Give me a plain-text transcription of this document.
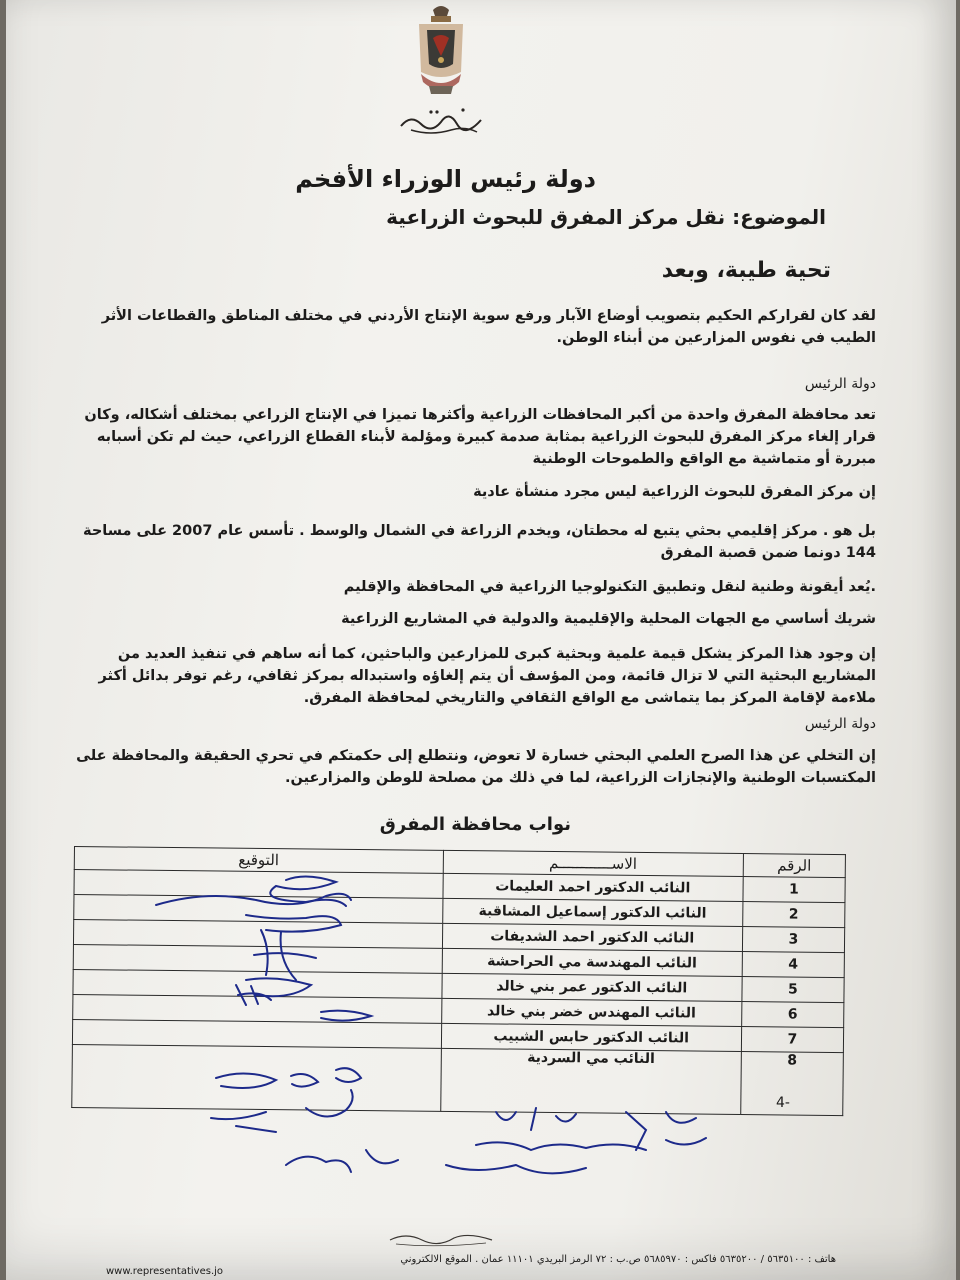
دولة رئيس الوزراء الأفخم
الموضوع: نقل مركز المفرق للبحوث الزراعية
تحية طيبة، وبعد
لقد كان لقراركم الحكيم بتصويب أوضاع الآبار ورفع سوية الإنتاج الأردني في مختلف المناطق والقطاعات الأثر الطيب في نفوس المزارعين من أبناء الوطن.
دولة الرئيس
تعد محافظة المفرق واحدة من أكبر المحافظات الزراعية وأكثرها تميزا في الإنتاج الزراعي بمختلف أشكاله، وكان قرار إلغاء مركز المفرق للبحوث الزراعية بمثابة صدمة كبيرة ومؤلمة لأبناء القطاع الزراعي، حيث لم تكن أسبابه مبررة أو متماشية مع الواقع والطموحات الوطنية
إن مركز المفرق للبحوث الزراعية ليس مجرد منشأة عادية
بل هو . مركز إقليمي بحثي يتبع له محطتان، ويخدم الزراعة في الشمال والوسط . تأسس عام 2007 على مساحة 144 دونما ضمن قصبة المفرق
.يُعد أيقونة وطنية لنقل وتطبيق التكنولوجيا الزراعية في المحافظة والإقليم
شريك أساسي مع الجهات المحلية والإقليمية والدولية في المشاريع الزراعية
إن وجود هذا المركز يشكل قيمة علمية وبحثية كبرى للمزارعين والباحثين، كما أنه ساهم في تنفيذ العديد من المشاريع البحثية التي لا تزال قائمة، ومن المؤسف أن يتم إلغاؤه واستبداله بمركز ثقافي، رغم توفر بدائل أكثر ملاءمة لإقامة المركز بما يتماشى مع الواقع الثقافي والتاريخي لمحافظة المفرق.
دولة الرئيس
إن التخلي عن هذا الصرح العلمي البحثي خسارة لا تعوض، ونتطلع إلى حكمتكم في تحري الحقيقة والمحافظة على المكتسبات الوطنية والإنجازات الزراعية، لما في ذلك من مصلحة للوطن والمزارعين.
نواب محافظة المفرق
الرقم	الاســــــــــــم	التوقيع
1	النائب الدكتور احمد العليمات	
2	النائب الدكتور إسماعيل المشاقبة	
3	النائب الدكتور احمد الشديفات	
4	النائب المهندسة مي الحراحشة	
5	النائب الدكتور عمر بني خالد	
6	النائب المهندس خضر بني خالد	
7	النائب الدكتور حابس الشبيب	
8	النائب مي السردية	
4-
هاتف : ٥٦٣٥١٠٠ / ٥٦٣٥٢٠٠ فاكس : ٥٦٨٥٩٧٠ ص.ب : ٧٢ الرمز البريدي ١١١٠١ عمان . الموقع الالكتروني
www.representatives.jo
